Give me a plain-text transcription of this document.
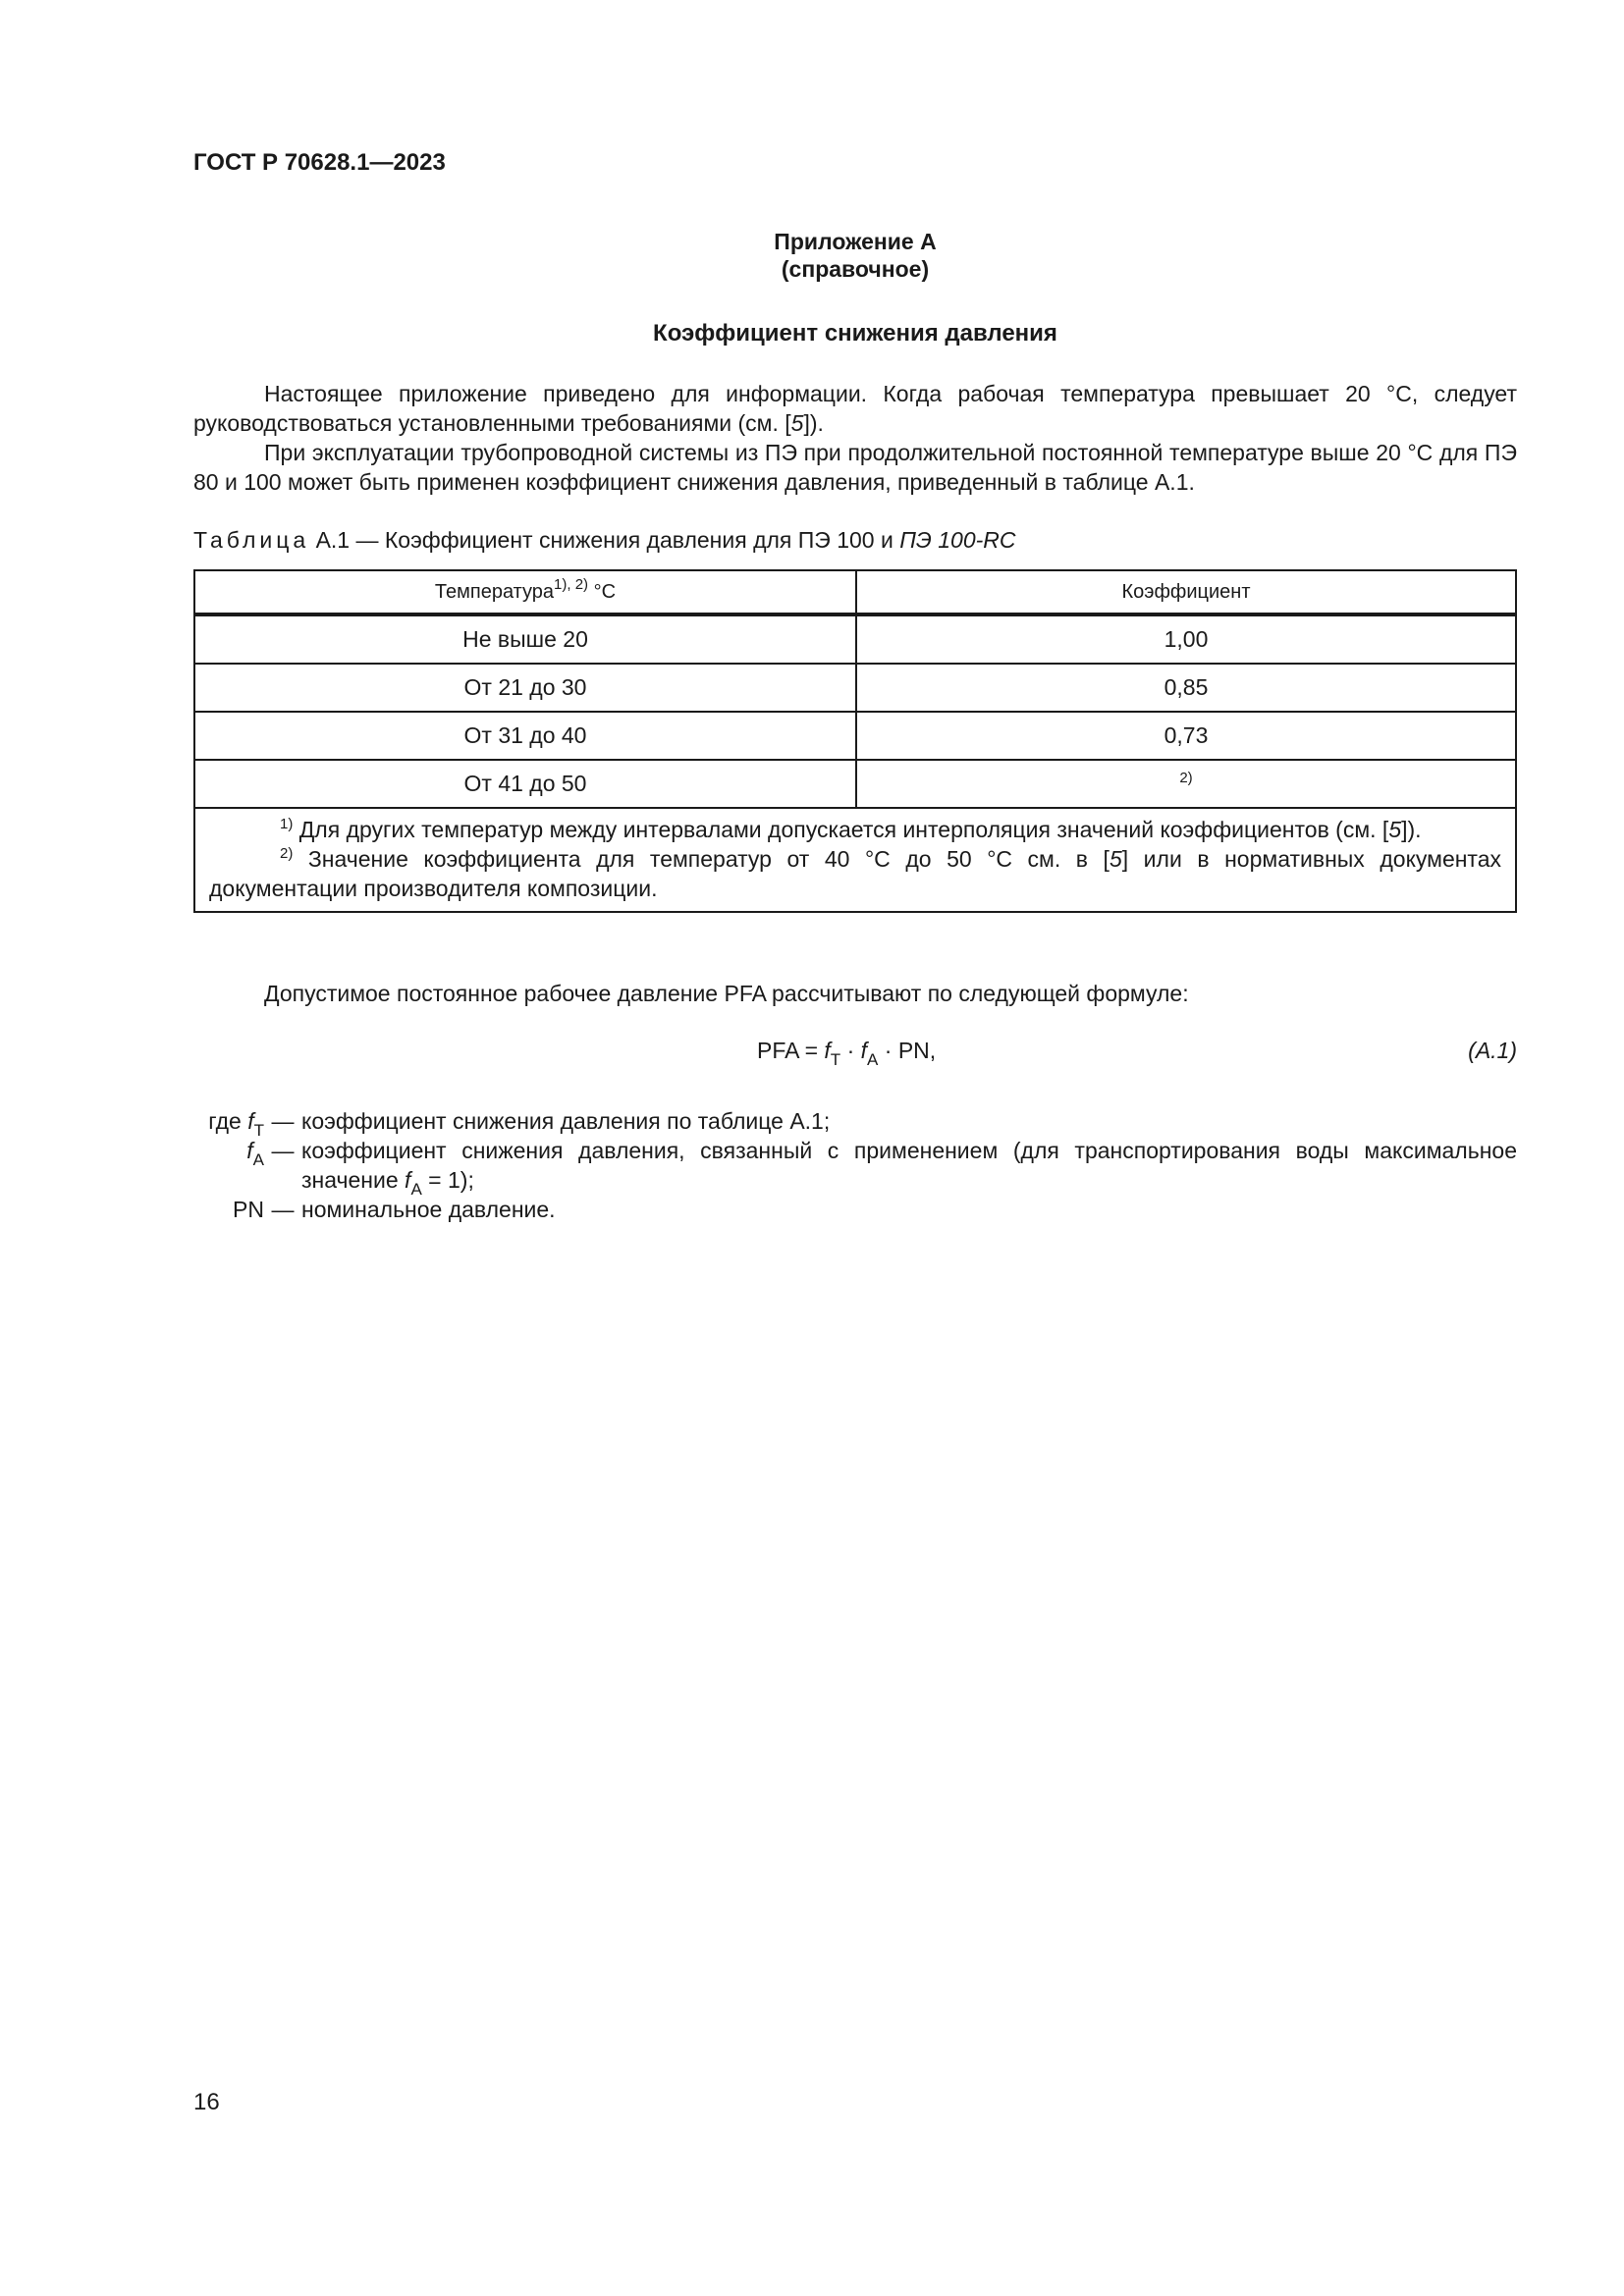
ГОСТ Р 70628.1—2023
Приложение А
(справочное)
Коэффициент снижения давления

Настоящее приложение приведено для информации. Когда рабочая температура превышает 20 °С, следует руководствоваться установленными требованиями (см. [5]).

При эксплуатации трубопроводной системы из ПЭ при продолжительной постоянной температуре выше 20 °С для ПЭ 80 и 100 может быть применен коэффициент снижения давления, приведенный в таблице А.1.

Таблица А.1 — Коэффициент снижения давления для ПЭ 100 и ПЭ 100-RC
Температура$^{1), 2)}$ °С	Коэффициент
Не выше 20	1,00
От 21 до 30	0,85
От 31 до 40	0,73
От 41 до 50	$^{2)}$

$^{1)}$ Для других температур между интервалами допускается интерполяция значений коэффициентов (см. [5]).
$^{2)}$ Значение коэффициента для температур от 40 °С до 50 °С см. в [5] или в нормативных документах документации производителя композиции.	
Допустимое постоянное рабочее давление PFA рассчитывают по следующей формуле:
PFA = $f_T \cdot f_A$ · PN,	(А.1)
где $f_T$ — коэффициент снижения давления по таблице А.1;
$f_A$ — коэффициент снижения давления, связанный с применением (для транспортирования воды максимальное значение $f_A = 1$);
PN — номинальное давление.
16
